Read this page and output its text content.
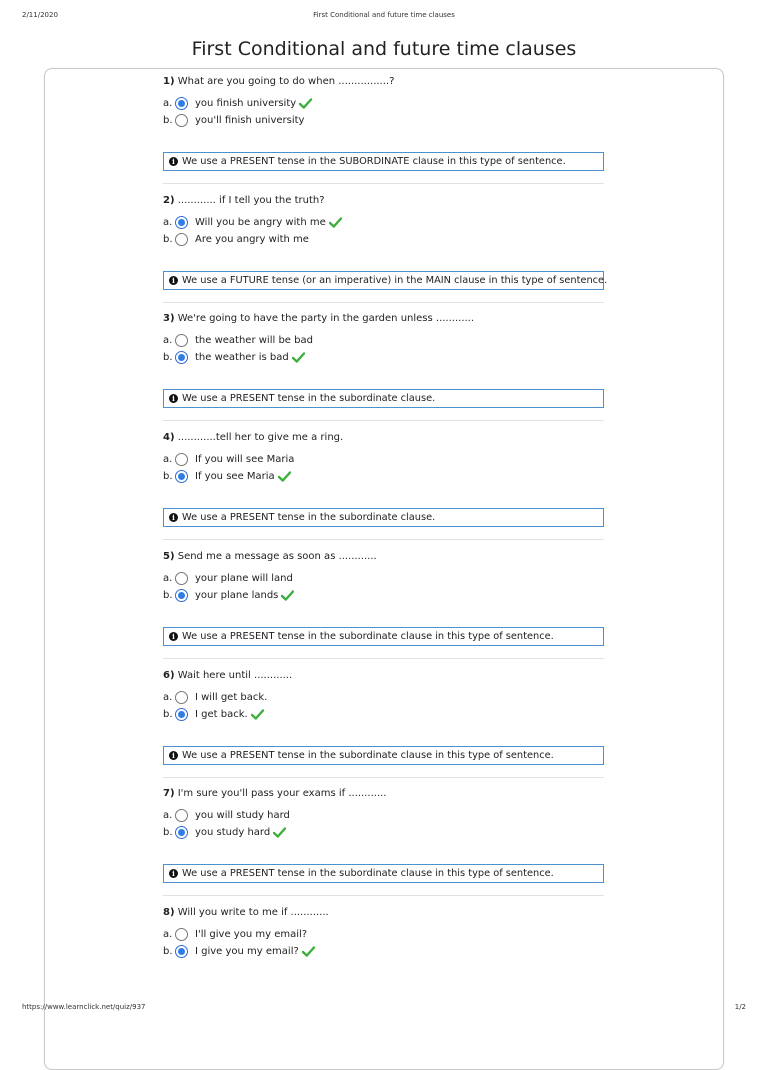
2/11/2020	First Conditional and future time clauses
First Conditional and future time clauses
1) What are you going to do when ................?
a. you finish university
b. you'll finish university
i We use a PRESENT tense in the SUBORDINATE clause in this type of sentence.
2) ............ if I tell you the truth?
a. Will you be angry with me
b. Are you angry with me
i We use a FUTURE tense (or an imperative) in the MAIN clause in this type of sentence.
3) We're going to have the party in the garden unless ............
a. the weather will be bad
b. the weather is bad
i We use a PRESENT tense in the subordinate clause.
4) ............tell her to give me a ring.
a. If you will see Maria
b. If you see Maria
i We use a PRESENT tense in the subordinate clause.
5) Send me a message as soon as ............
a. your plane will land
b. your plane lands
i We use a PRESENT tense in the subordinate clause in this type of sentence.
6) Wait here until ............
a. I will get back.
b. I get back.
i We use a PRESENT tense in the subordinate clause in this type of sentence.
7) I'm sure you'll pass your exams if ............
a. you will study hard
b. you study hard
i We use a PRESENT tense in the subordinate clause in this type of sentence.
8) Will you write to me if ............
a. I'll give you my email?
b. I give you my email?
https://www.learnclick.net/quiz/937	1/2
